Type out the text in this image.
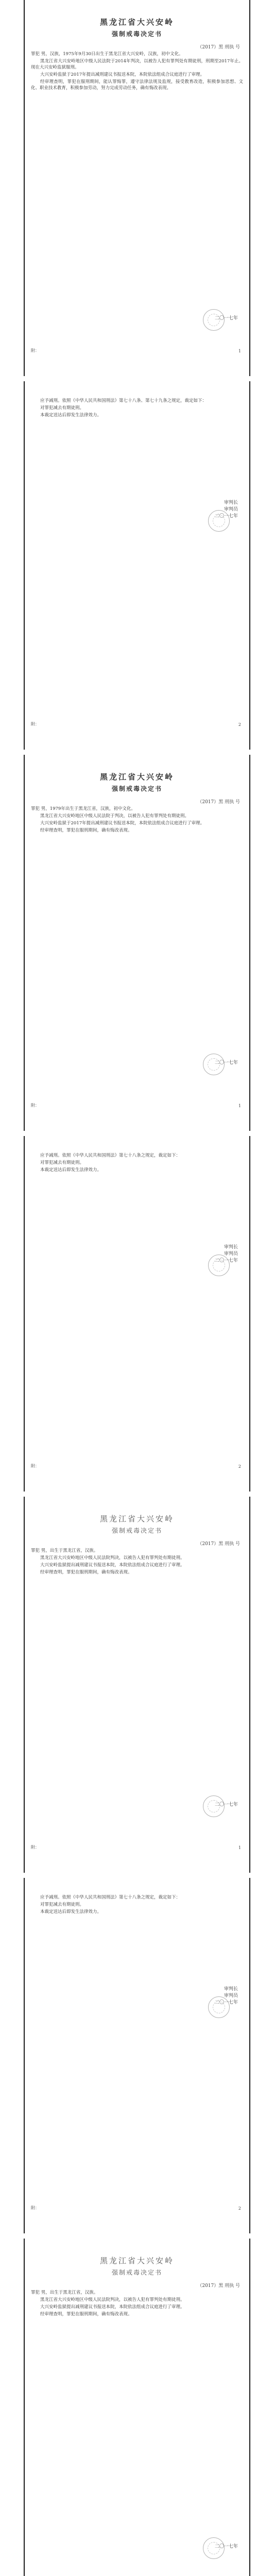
黑龙江省大兴安岭
强制戒毒决定书
（2017）黑 刑执 号

罪犯 男，汉族，1975年9月30日出生于黑龙江省大兴安岭，汉族，初中文化。

黑龙江省大兴安岭地区中级人民法院于2014年判决，以被告人犯有罪判处有期徒刑，刑期至2017年止。现在大兴安岭监狱服刑。

大兴安岭监狱于2017年提出减刑建议书报送本院，本院依法组成合议庭进行了审理。

经审理查明，罪犯在服刑期间，能认罪悔罪，遵守法律法规及监规，接受教育改造，积极参加思想、文化、职业技术教育，积极参加劳动，努力完成劳动任务，确有悔改表现。

二〇一七年
附：	1

应予减刑。依照《中华人民共和国刑法》第七十八条、第七十九条之规定，裁定如下：

对罪犯减去有期徒刑。

本裁定送达后即发生法律效力。

审判长
审判员
二〇一七年
附：	2
黑龙江省大兴安岭
强制戒毒决定书
（2017）黑 刑执 号

罪犯 男，1979年出生于黑龙江省，汉族，初中文化。

黑龙江省大兴安岭地区中级人民法院于判决，以被告人犯有罪判处有期徒刑。

大兴安岭监狱于2017年提出减刑建议书报送本院，本院依法组成合议庭进行了审理。

经审理查明，罪犯在服刑期间，确有悔改表现。

二〇一七年
附：	1

应予减刑。依照《中华人民共和国刑法》第七十八条之规定，裁定如下：

对罪犯减去有期徒刑。

本裁定送达后即发生法律效力。

审判长
审判员
二〇一七年
附：	2
黑龙江省大兴安岭
强制戒毒决定书
（2017）黑 刑执 号

罪犯 男，出生于黑龙江省，汉族。

黑龙江省大兴安岭地区中级人民法院判决，以被告人犯有罪判处有期徒刑。

大兴安岭监狱提出减刑建议书报送本院，本院依法组成合议庭进行了审理。

经审理查明，罪犯在服刑期间，确有悔改表现。

二〇一七年
附：	1

应予减刑。依照《中华人民共和国刑法》第七十八条之规定，裁定如下：

对罪犯减去有期徒刑。

本裁定送达后即发生法律效力。

审判长
审判员
二〇一七年
附：	2
黑龙江省大兴安岭
强制戒毒决定书
（2017）黑 刑执 号

罪犯 男，出生于黑龙江省，汉族。

黑龙江省大兴安岭地区中级人民法院判决，以被告人犯有罪判处有期徒刑。

大兴安岭监狱提出减刑建议书报送本院，本院依法组成合议庭进行了审理。

经审理查明，罪犯在服刑期间，确有悔改表现。

二〇一七年
